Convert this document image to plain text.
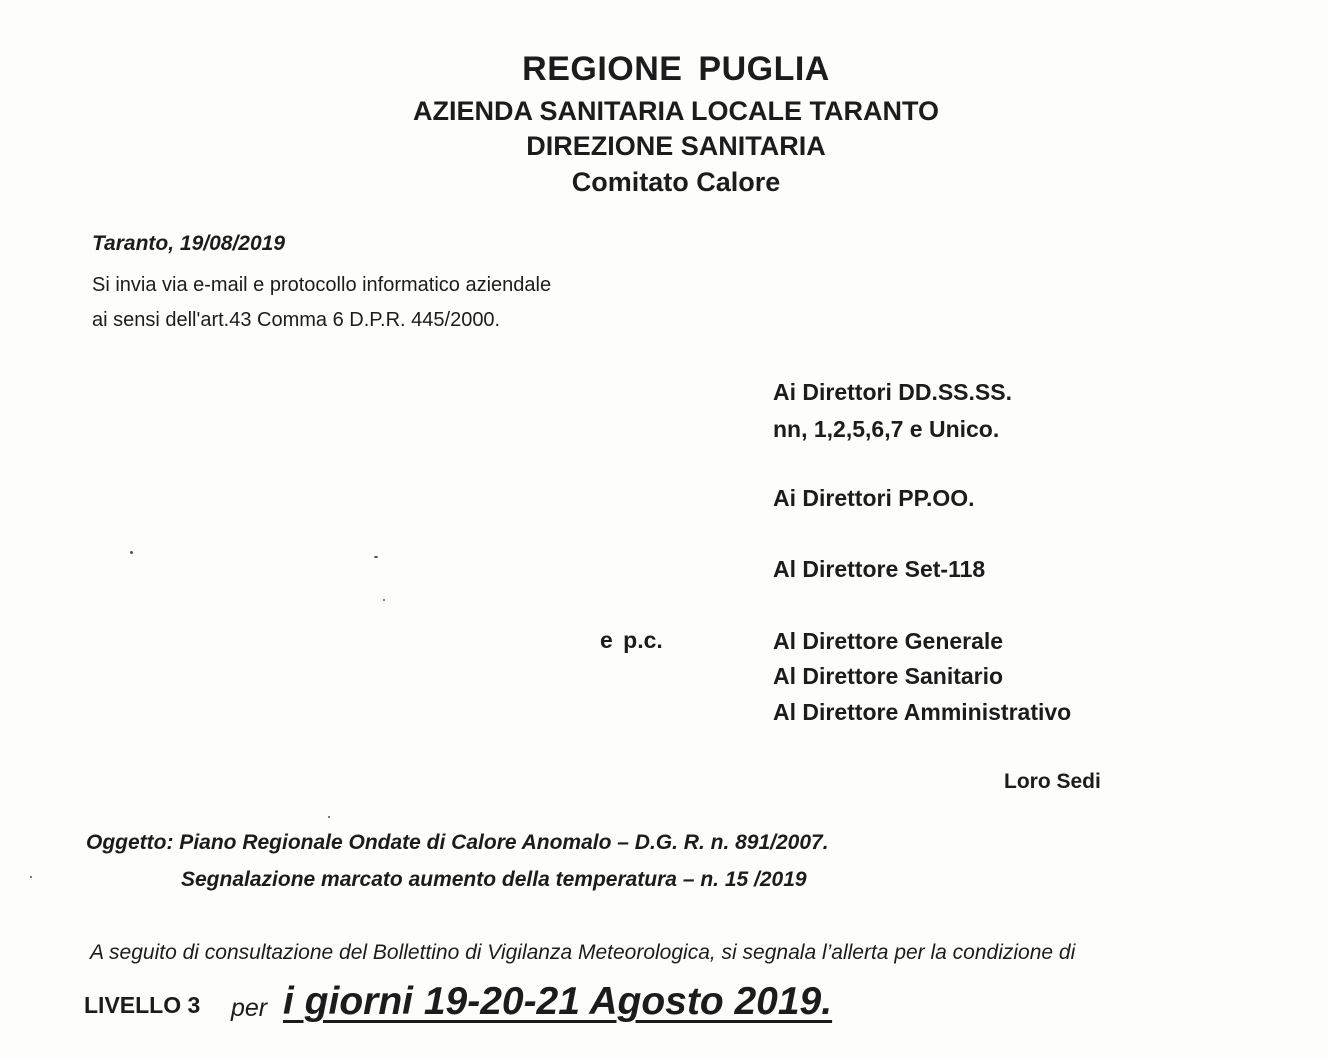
REGIONE PUGLIA
AZIENDA SANITARIA LOCALE TARANTO
DIREZIONE SANITARIA
Comitato Calore
Taranto, 19/08/2019
Si invia via e-mail e protocollo informatico aziendale
ai sensi dell'art.43 Comma 6 D.P.R. 445/2000.
Ai Direttori DD.SS.SS.
nn, 1,2,5,6,7 e Unico.
Ai Direttori PP.OO.
Al Direttore Set-118
e p.c.	Al Direttore Generale
Al Direttore Sanitario
Al Direttore Amministrativo
Loro Sedi
Oggetto: Piano Regionale Ondate di Calore Anomalo – D.G. R. n. 891/2007.
Segnalazione marcato aumento della temperatura – n. 15 /2019
A seguito di consultazione del Bollettino di Vigilanza Meteorologica, si segnala l’allerta per la condizione di
LIVELLO 3 per i giorni 19-20-21 Agosto 2019.
